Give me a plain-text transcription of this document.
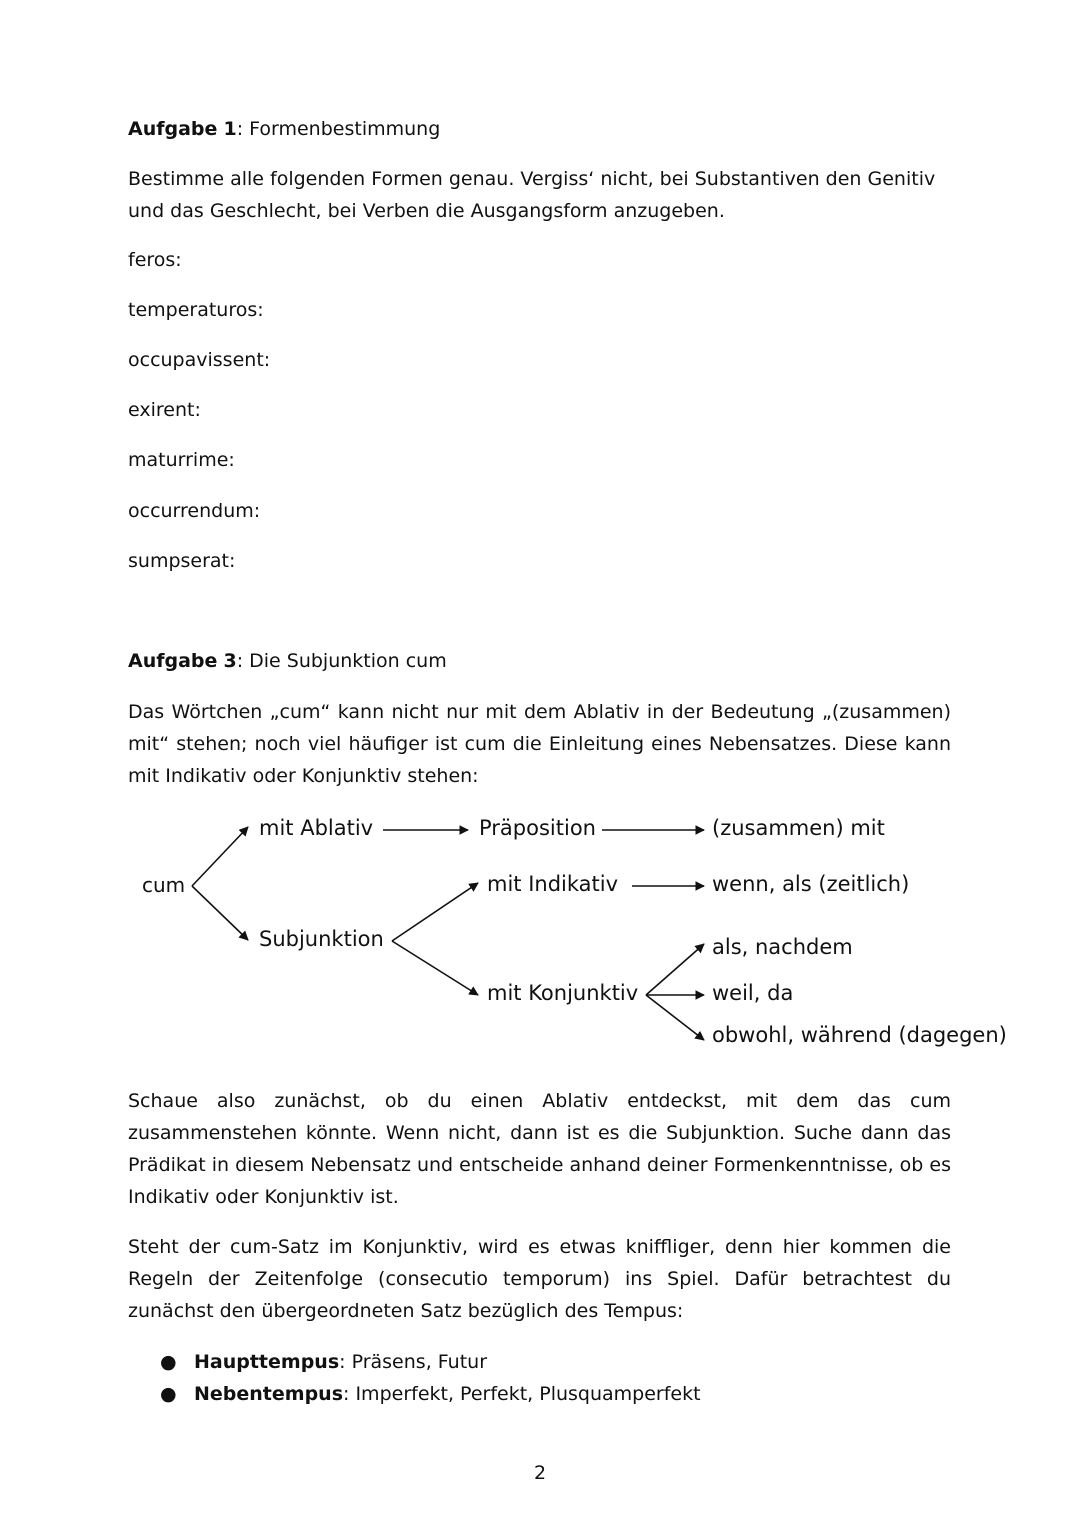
Aufgabe 1: Formenbestimmung
Bestimme alle folgenden Formen genau. Vergiss‘ nicht, bei Substantiven den Genitiv und das Geschlecht, bei Verben die Ausgangsform anzugeben.
feros:
temperaturos:
occupavissent:
exirent:
maturrime:
occurrendum:
sumpserat:
Aufgabe 3: Die Subjunktion cum
Das Wörtchen „cum“ kann nicht nur mit dem Ablativ in der Bedeutung „(zusammen) mit“ stehen; noch viel häufiger ist cum die Einleitung eines Nebensatzes. Diese kann mit Indikativ oder Konjunktiv stehen:
cum
mit Ablativ	Präposition	(zusammen) mit
mit Indikativ	wenn, als (zeitlich)
Subjunktion	als, nachdem
mit Konjunktiv	weil, da
obwohl, während (dagegen)
Schaue also zunächst, ob du einen Ablativ entdeckst, mit dem das cum zusammenstehen könnte. Wenn nicht, dann ist es die Subjunktion. Suche dann das Prädikat in diesem Nebensatz und entscheide anhand deiner Formenkenntnisse, ob es Indikativ oder Konjunktiv ist.
Steht der cum-Satz im Konjunktiv, wird es etwas kniffliger, denn hier kommen die Regeln der Zeitenfolge (consecutio temporum) ins Spiel. Dafür betrachtest du zunächst den übergeordneten Satz bezüglich des Tempus:
● Haupttempus: Präsens, Futur
● Nebentempus: Imperfekt, Perfekt, Plusquamperfekt
2
